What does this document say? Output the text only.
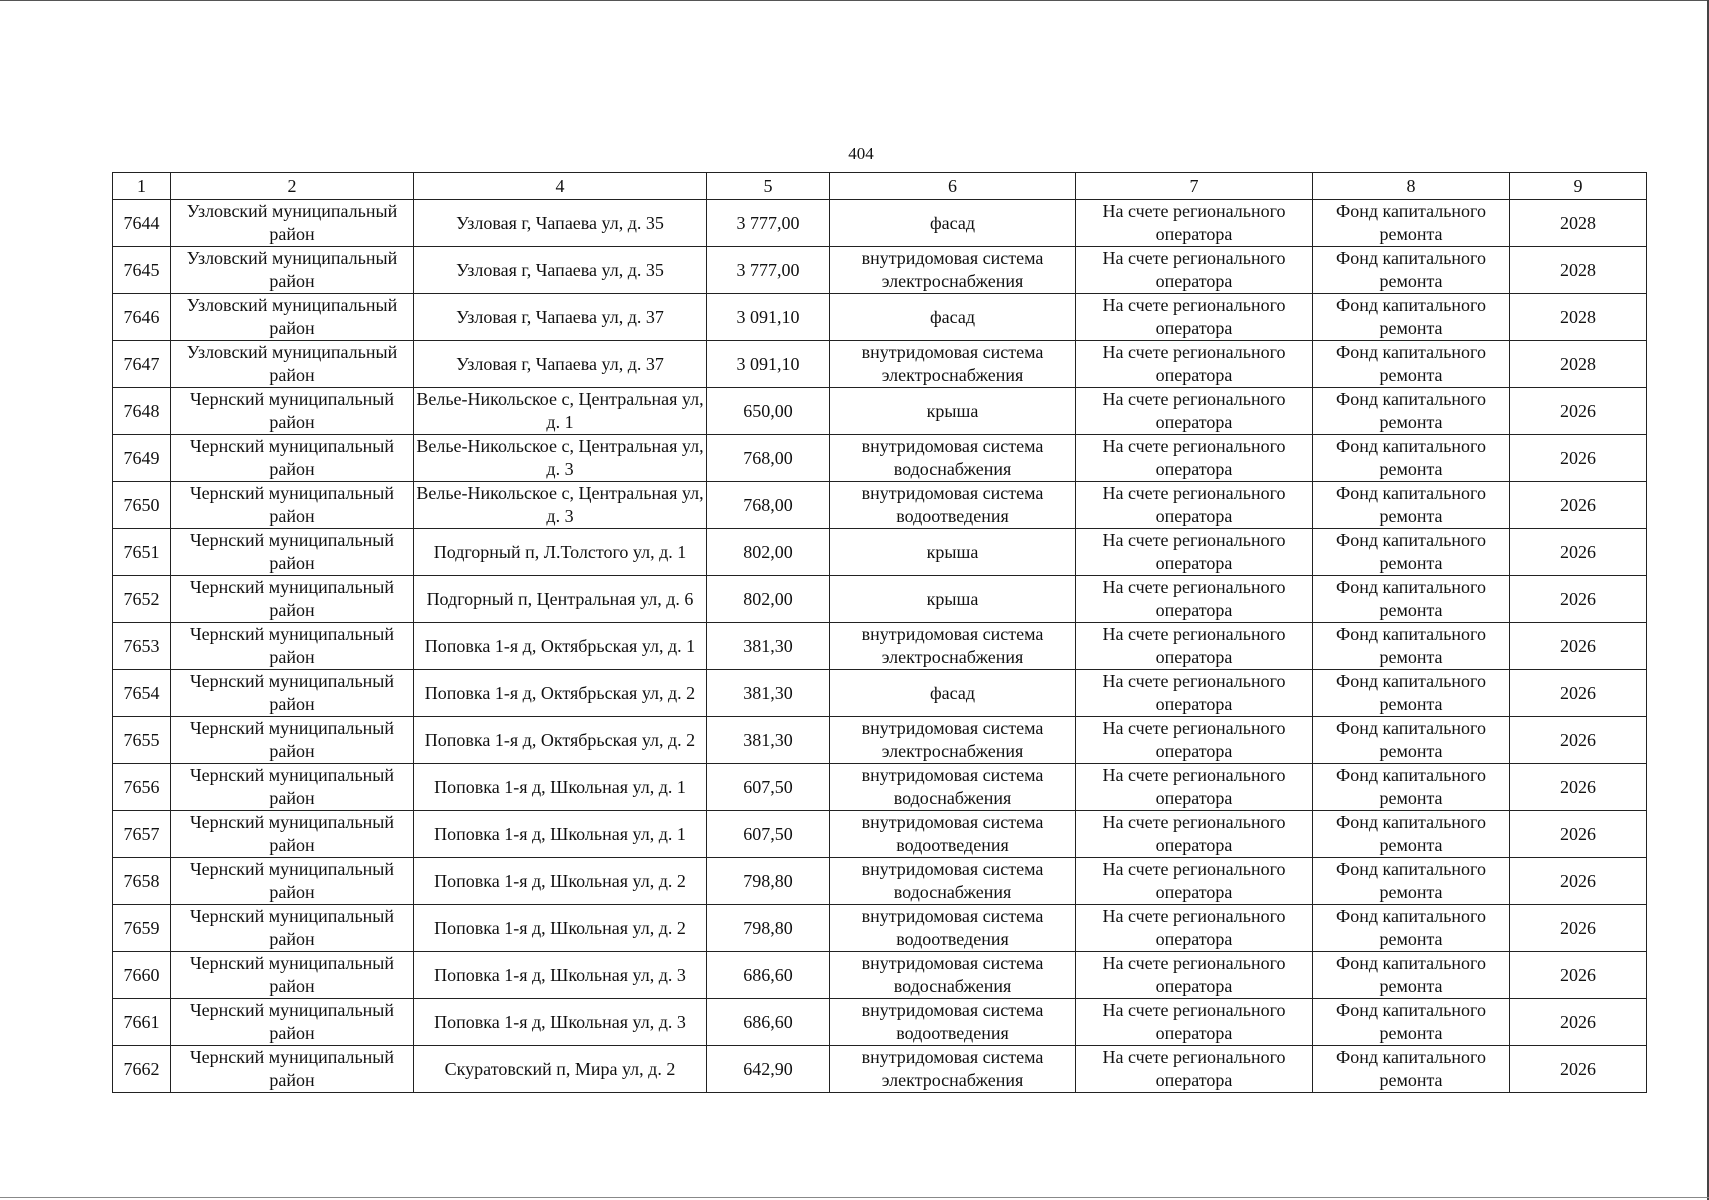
404
1	2	4	5	6	7	8	9
7644	Узловский муниципальный район	Узловая г, Чапаева ул, д. 35	3 777,00	фасад	На счете регионального оператора	Фонд капитального ремонта	2028
7645	Узловский муниципальный район	Узловая г, Чапаева ул, д. 35	3 777,00	внутридомовая система электроснабжения	На счете регионального оператора	Фонд капитального ремонта	2028
7646	Узловский муниципальный район	Узловая г, Чапаева ул, д. 37	3 091,10	фасад	На счете регионального оператора	Фонд капитального ремонта	2028
7647	Узловский муниципальный район	Узловая г, Чапаева ул, д. 37	3 091,10	внутридомовая система электроснабжения	На счете регионального оператора	Фонд капитального ремонта	2028
7648	Чернский муниципальный район	Велье-Никольское с, Центральная ул, д. 1	650,00	крыша	На счете регионального оператора	Фонд капитального ремонта	2026
7649	Чернский муниципальный район	Велье-Никольское с, Центральная ул, д. 3	768,00	внутридомовая система водоснабжения	На счете регионального оператора	Фонд капитального ремонта	2026
7650	Чернский муниципальный район	Велье-Никольское с, Центральная ул, д. 3	768,00	внутридомовая система водоотведения	На счете регионального оператора	Фонд капитального ремонта	2026
7651	Чернский муниципальный район	Подгорный п, Л.Толстого ул, д. 1	802,00	крыша	На счете регионального оператора	Фонд капитального ремонта	2026
7652	Чернский муниципальный район	Подгорный п, Центральная ул, д. 6	802,00	крыша	На счете регионального оператора	Фонд капитального ремонта	2026
7653	Чернский муниципальный район	Поповка 1-я д, Октябрьская ул, д. 1	381,30	внутридомовая система электроснабжения	На счете регионального оператора	Фонд капитального ремонта	2026
7654	Чернский муниципальный район	Поповка 1-я д, Октябрьская ул, д. 2	381,30	фасад	На счете регионального оператора	Фонд капитального ремонта	2026
7655	Чернский муниципальный район	Поповка 1-я д, Октябрьская ул, д. 2	381,30	внутридомовая система электроснабжения	На счете регионального оператора	Фонд капитального ремонта	2026
7656	Чернский муниципальный район	Поповка 1-я д, Школьная ул, д. 1	607,50	внутридомовая система водоснабжения	На счете регионального оператора	Фонд капитального ремонта	2026
7657	Чернский муниципальный район	Поповка 1-я д, Школьная ул, д. 1	607,50	внутридомовая система водоотведения	На счете регионального оператора	Фонд капитального ремонта	2026
7658	Чернский муниципальный район	Поповка 1-я д, Школьная ул, д. 2	798,80	внутридомовая система водоснабжения	На счете регионального оператора	Фонд капитального ремонта	2026
7659	Чернский муниципальный район	Поповка 1-я д, Школьная ул, д. 2	798,80	внутридомовая система водоотведения	На счете регионального оператора	Фонд капитального ремонта	2026
7660	Чернский муниципальный район	Поповка 1-я д, Школьная ул, д. 3	686,60	внутридомовая система водоснабжения	На счете регионального оператора	Фонд капитального ремонта	2026
7661	Чернский муниципальный район	Поповка 1-я д, Школьная ул, д. 3	686,60	внутридомовая система водоотведения	На счете регионального оператора	Фонд капитального ремонта	2026
7662	Чернский муниципальный район	Скуратовский п, Мира ул, д. 2	642,90	внутридомовая система электроснабжения	На счете регионального оператора	Фонд капитального ремонта	2026
